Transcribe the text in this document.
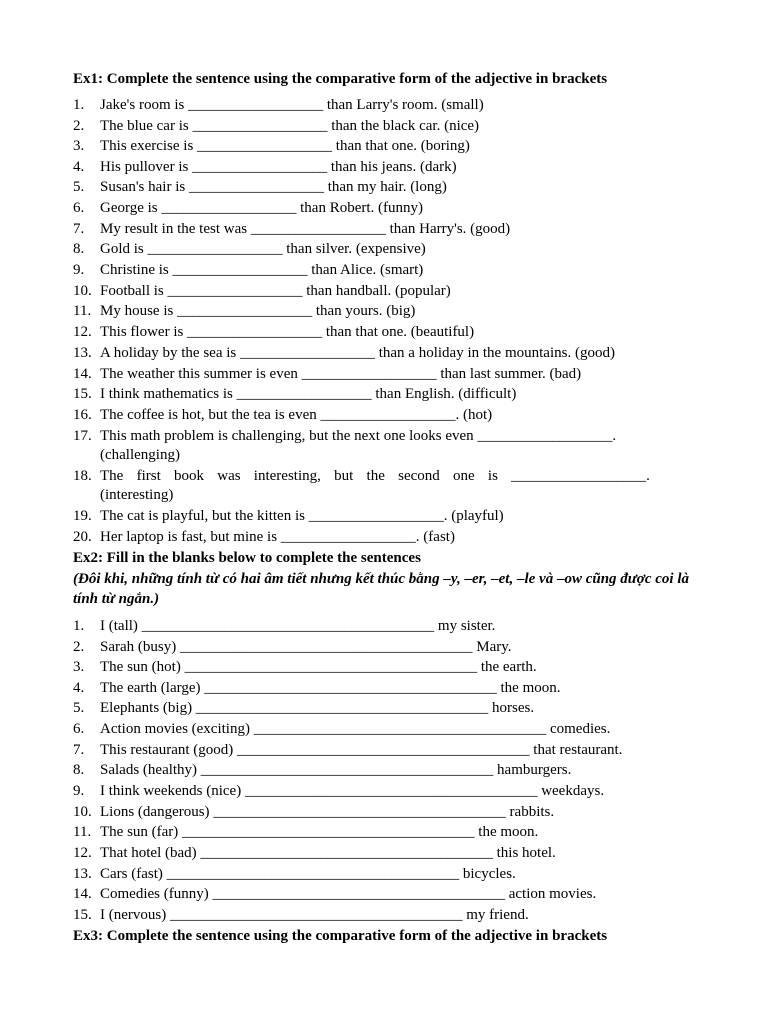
Ex1: Complete the sentence using the comparative form of the adjective in brackets
1. Jake's room is __________________ than Larry's room. (small)
2. The blue car is __________________ than the black car. (nice)
3. This exercise is __________________ than that one. (boring)
4. His pullover is __________________ than his jeans. (dark)
5. Susan's hair is __________________ than my hair. (long)
6. George is __________________ than Robert. (funny)
7. My result in the test was __________________ than Harry's. (good)
8. Gold is __________________ than silver. (expensive)
9. Christine is __________________ than Alice. (smart)
10. Football is __________________ than handball. (popular)
11. My house is __________________ than yours. (big)
12. This flower is __________________ than that one. (beautiful)
13. A holiday by the sea is __________________ than a holiday in the mountains. (good)
14. The weather this summer is even __________________ than last summer. (bad)
15. I think mathematics is __________________ than English. (difficult)
16. The coffee is hot, but the tea is even __________________. (hot)
17. This math problem is challenging, but the next one looks even __________________.
(challenging)
18. The first book was interesting, but the second one is __________________.
(interesting)
19. The cat is playful, but the kitten is __________________. (playful)
20. Her laptop is fast, but mine is __________________. (fast)
Ex2: Fill in the blanks below to complete the sentences
(Đôi khi, những tính từ có hai âm tiết nhưng kết thúc bằng –y, –er, –et, –le và –ow cũng được coi là tính từ ngắn.)
1. I (tall) _______________________________________ my sister.
2. Sarah (busy) _______________________________________ Mary.
3. The sun (hot) _______________________________________ the earth.
4. The earth (large) _______________________________________ the moon.
5. Elephants (big) _______________________________________ horses.
6. Action movies (exciting) _______________________________________ comedies.
7. This restaurant (good) _______________________________________ that restaurant.
8. Salads (healthy) _______________________________________ hamburgers.
9. I think weekends (nice) _______________________________________ weekdays.
10. Lions (dangerous) _______________________________________ rabbits.
11. The sun (far) _______________________________________ the moon.
12. That hotel (bad) _______________________________________ this hotel.
13. Cars (fast) _______________________________________ bicycles.
14. Comedies (funny) _______________________________________ action movies.
15. I (nervous) _______________________________________ my friend.
Ex3: Complete the sentence using the comparative form of the adjective in brackets
